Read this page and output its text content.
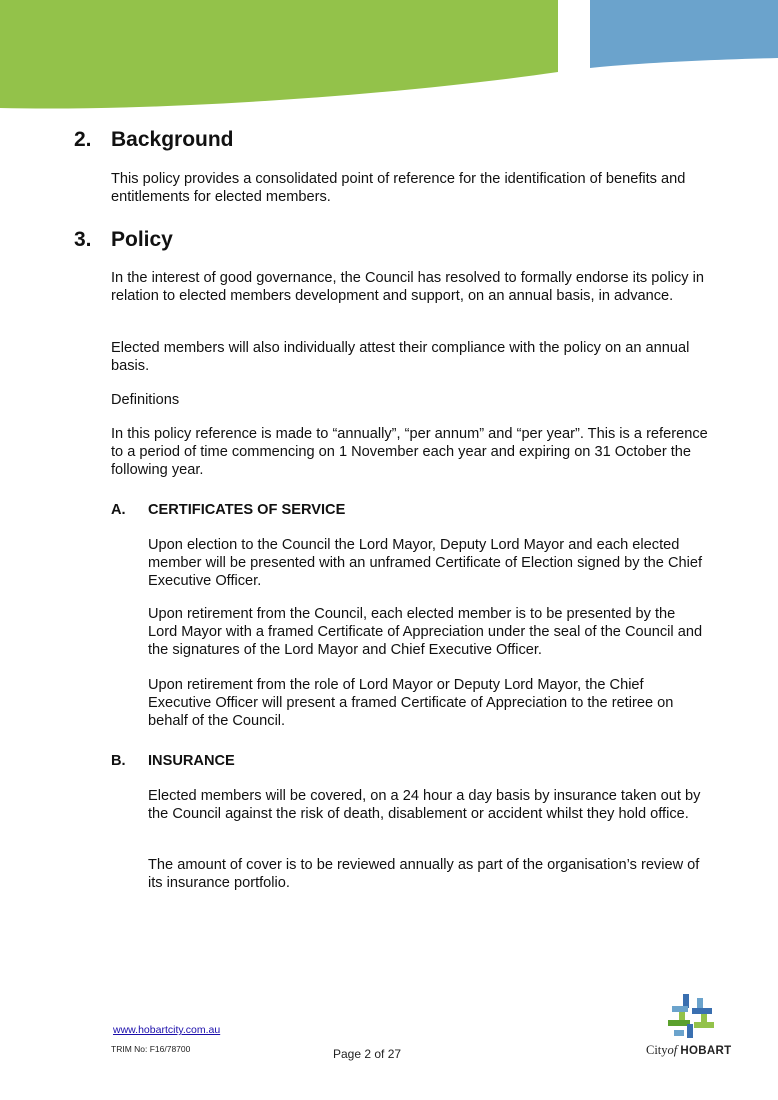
2. Background

This policy provides a consolidated point of reference for the identification of benefits and entitlements for elected members.

3. Policy

In the interest of good governance, the Council has resolved to formally endorse its policy in relation to elected members development and support, on an annual basis, in advance.

Elected members will also individually attest their compliance with the policy on an annual basis.

Definitions

In this policy reference is made to “annually”, “per annum” and “per year”. This is a reference to a period of time commencing on 1 November each year and expiring on 31 October the following year.

A. CERTIFICATES OF SERVICE

Upon election to the Council the Lord Mayor, Deputy Lord Mayor and each elected member will be presented with an unframed Certificate of Election signed by the Chief Executive Officer.

Upon retirement from the Council, each elected member is to be presented by the Lord Mayor with a framed Certificate of Appreciation under the seal of the Council and the signatures of the Lord Mayor and Chief Executive Officer.

Upon retirement from the role of Lord Mayor or Deputy Lord Mayor, the Chief Executive Officer will present a framed Certificate of Appreciation to the retiree on behalf of the Council.

B. INSURANCE

Elected members will be covered, on a 24 hour a day basis by insurance taken out by the Council against the risk of death, disablement or accident whilst they hold office.

The amount of cover is to be reviewed annually as part of the organisation’s review of its insurance portfolio.

www.hobartcity.com.au
TRIM No: F16/78700	Page 2 of 27	Cityof HOBART
